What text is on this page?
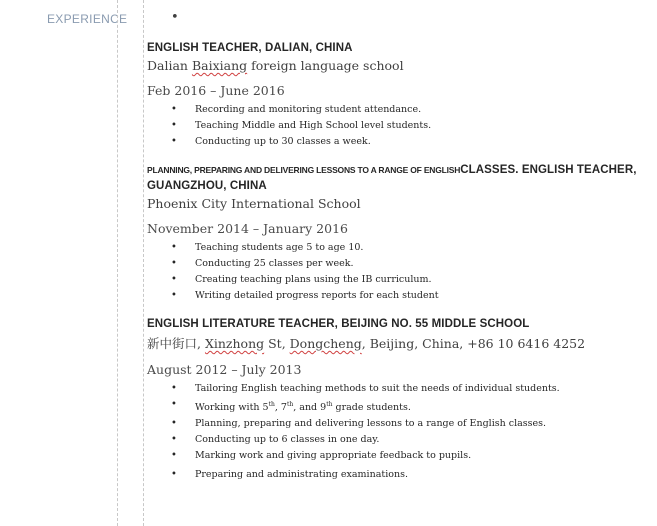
EXPERIENCE
•
ENGLISH TEACHER, DALIAN, CHINA
Dalian Baixiang foreign language school
Feb 2016 – June 2016
• Recording and monitoring student attendance.
• Teaching Middle and High School level students.
• Conducting up to 30 classes a week.
PLANNING, PREPARING AND DELIVERING LESSONS TO A RANGE OF ENGLISHCLASSES. ENGLISH TEACHER,
GUANGZHOU, CHINA
Phoenix City International School
November 2014 – January 2016
• Teaching students age 5 to age 10.
• Conducting 25 classes per week.
• Creating teaching plans using the IB curriculum.
• Writing detailed progress reports for each student
ENGLISH LITERATURE TEACHER, BEIJING NO. 55 MIDDLE SCHOOL
新中街口, Xinzhong St, Dongcheng, Beijing, China, +86 10 6416 4252
August 2012 – July 2013
• Tailoring English teaching methods to suit the needs of individual students.
• Working with 5th, 7th, and 9th grade students.
• Planning, preparing and delivering lessons to a range of English classes.
• Conducting up to 6 classes in one day.
• Marking work and giving appropriate feedback to pupils.
• Preparing and administrating examinations.
